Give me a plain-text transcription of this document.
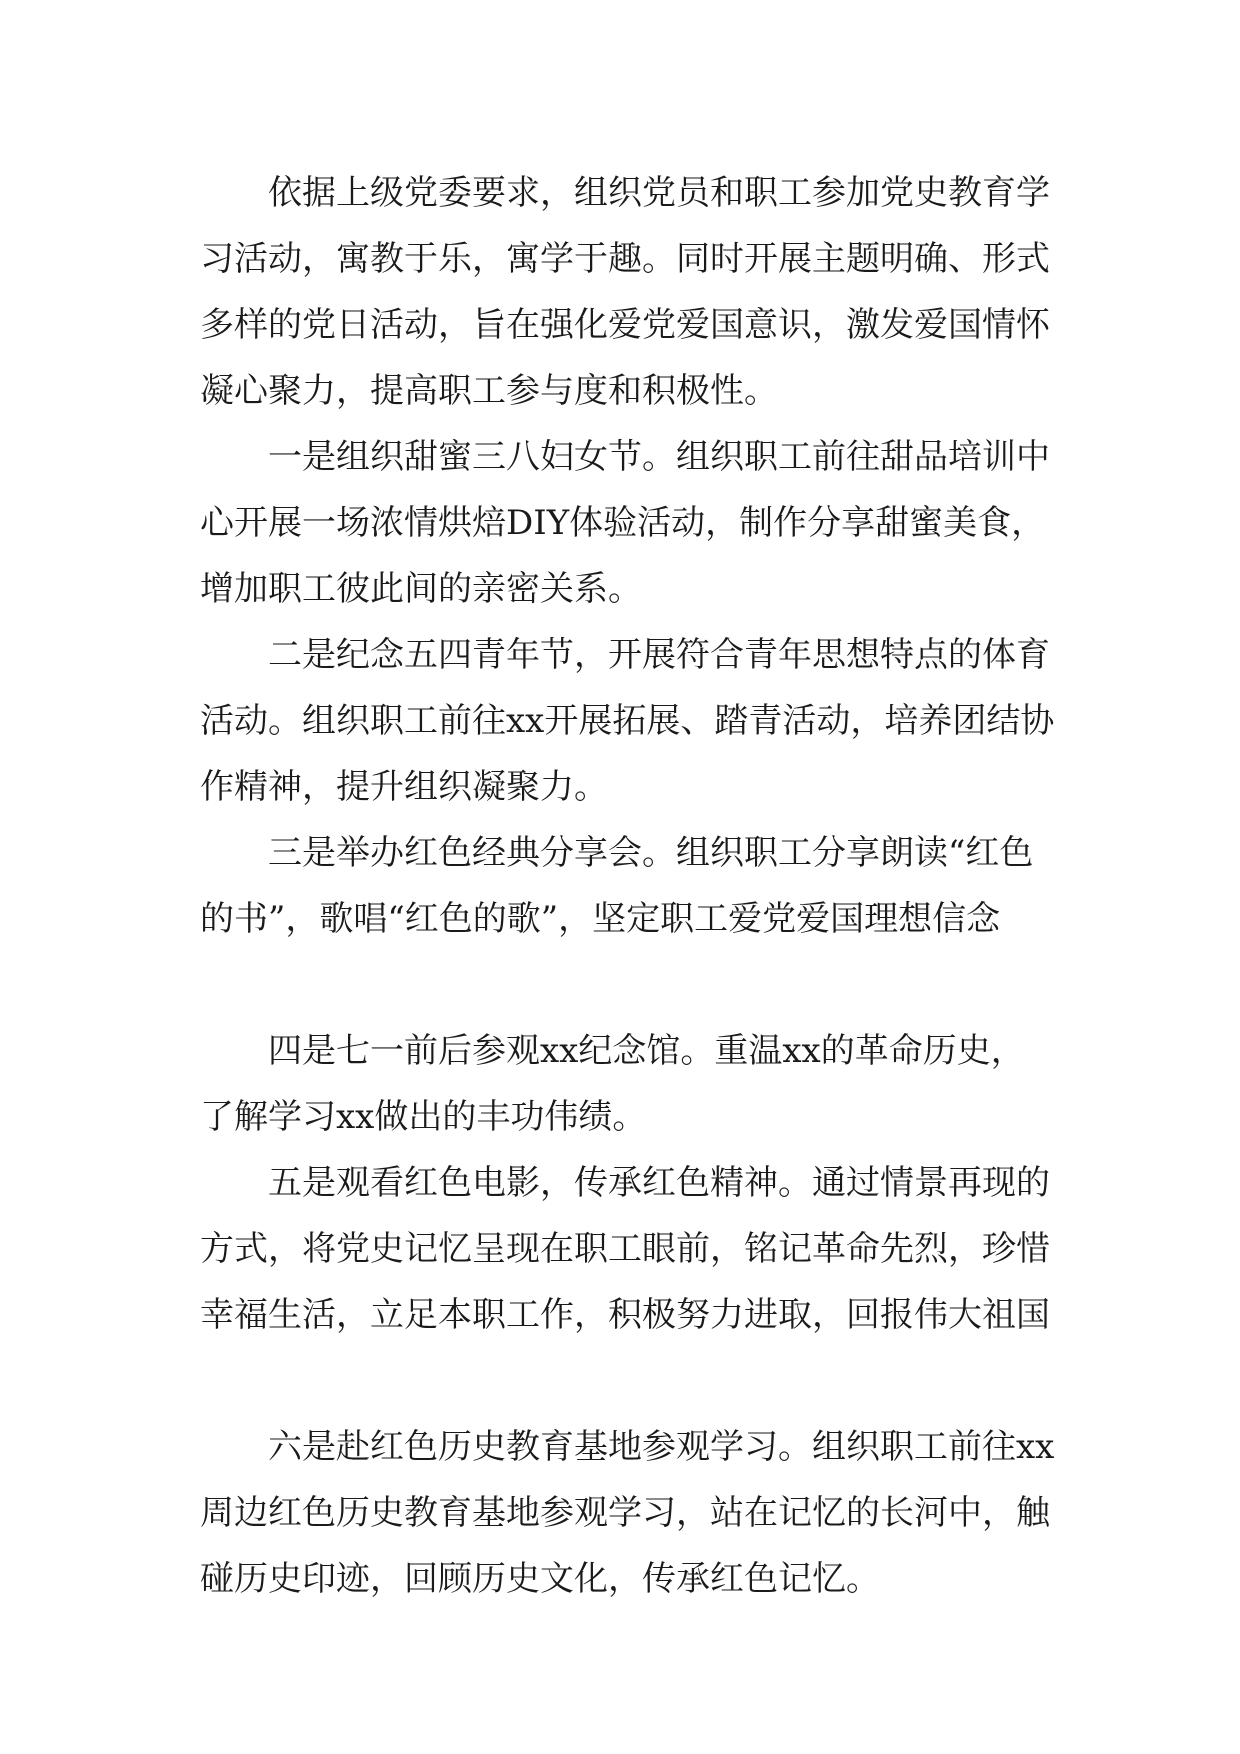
依据上级党委要求，组织党员和职工参加党史教育学
习活动，寓教于乐，寓学于趣。同时开展主题明确、形式
多样的党日活动，旨在强化爱党爱国意识，激发爱国情怀
凝心聚力，提高职工参与度和积极性。
一是组织甜蜜三八妇女节。组织职工前往甜品培训中
心开展一场浓情烘焙DIY体验活动，制作分享甜蜜美食，
增加职工彼此间的亲密关系。
二是纪念五四青年节，开展符合青年思想特点的体育
活动。组织职工前往xx开展拓展、踏青活动，培养团结协
作精神，提升组织凝聚力。
三是举办红色经典分享会。组织职工分享朗读“红色
的书”，歌唱“红色的歌”，坚定职工爱党爱国理想信念
四是七一前后参观xx纪念馆。重温xx的革命历史，
了解学习xx做出的丰功伟绩。
五是观看红色电影，传承红色精神。通过情景再现的
方式，将党史记忆呈现在职工眼前，铭记革命先烈，珍惜
幸福生活，立足本职工作，积极努力进取，回报伟大祖国
六是赴红色历史教育基地参观学习。组织职工前往xx
周边红色历史教育基地参观学习，站在记忆的长河中，触
碰历史印迹，回顾历史文化，传承红色记忆。
